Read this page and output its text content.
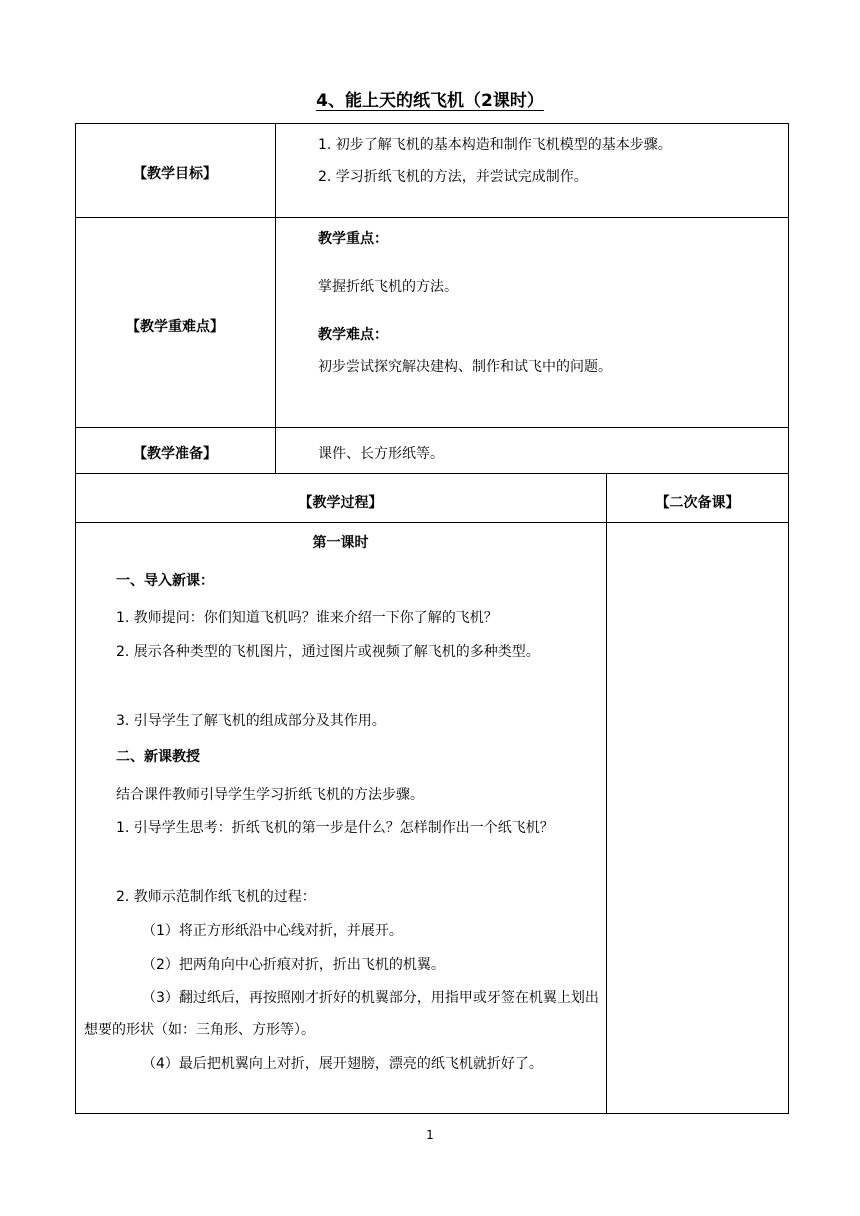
4、能上天的纸飞机（2课时）
【教学目标】
1. 初步了解飞机的基本构造和制作飞机模型的基本步骤。
2. 学习折纸飞机的方法，并尝试完成制作。
【教学重难点】
教学重点：
掌握折纸飞机的方法。
教学难点：
初步尝试探究解决建构、制作和试飞中的问题。
【教学准备】	课件、长方形纸等。
【教学过程】	【二次备课】
第一课时
一、导入新课：
1. 教师提问：你们知道飞机吗？谁来介绍一下你了解的飞机？
2. 展示各种类型的飞机图片，通过图片或视频了解飞机的多种类型。
3. 引导学生了解飞机的组成部分及其作用。
二、新课教授
结合课件教师引导学生学习折纸飞机的方法步骤。
1. 引导学生思考：折纸飞机的第一步是什么？怎样制作出一个纸飞机？
2. 教师示范制作纸飞机的过程：
（1）将正方形纸沿中心线对折，并展开。
（2）把两角向中心折痕对折，折出飞机的机翼。
（3）翻过纸后，再按照刚才折好的机翼部分，用指甲或牙签在机翼上划出想要的形状（如：三角形、方形等）。
（4）最后把机翼向上对折，展开翅膀，漂亮的纸飞机就折好了。
1
